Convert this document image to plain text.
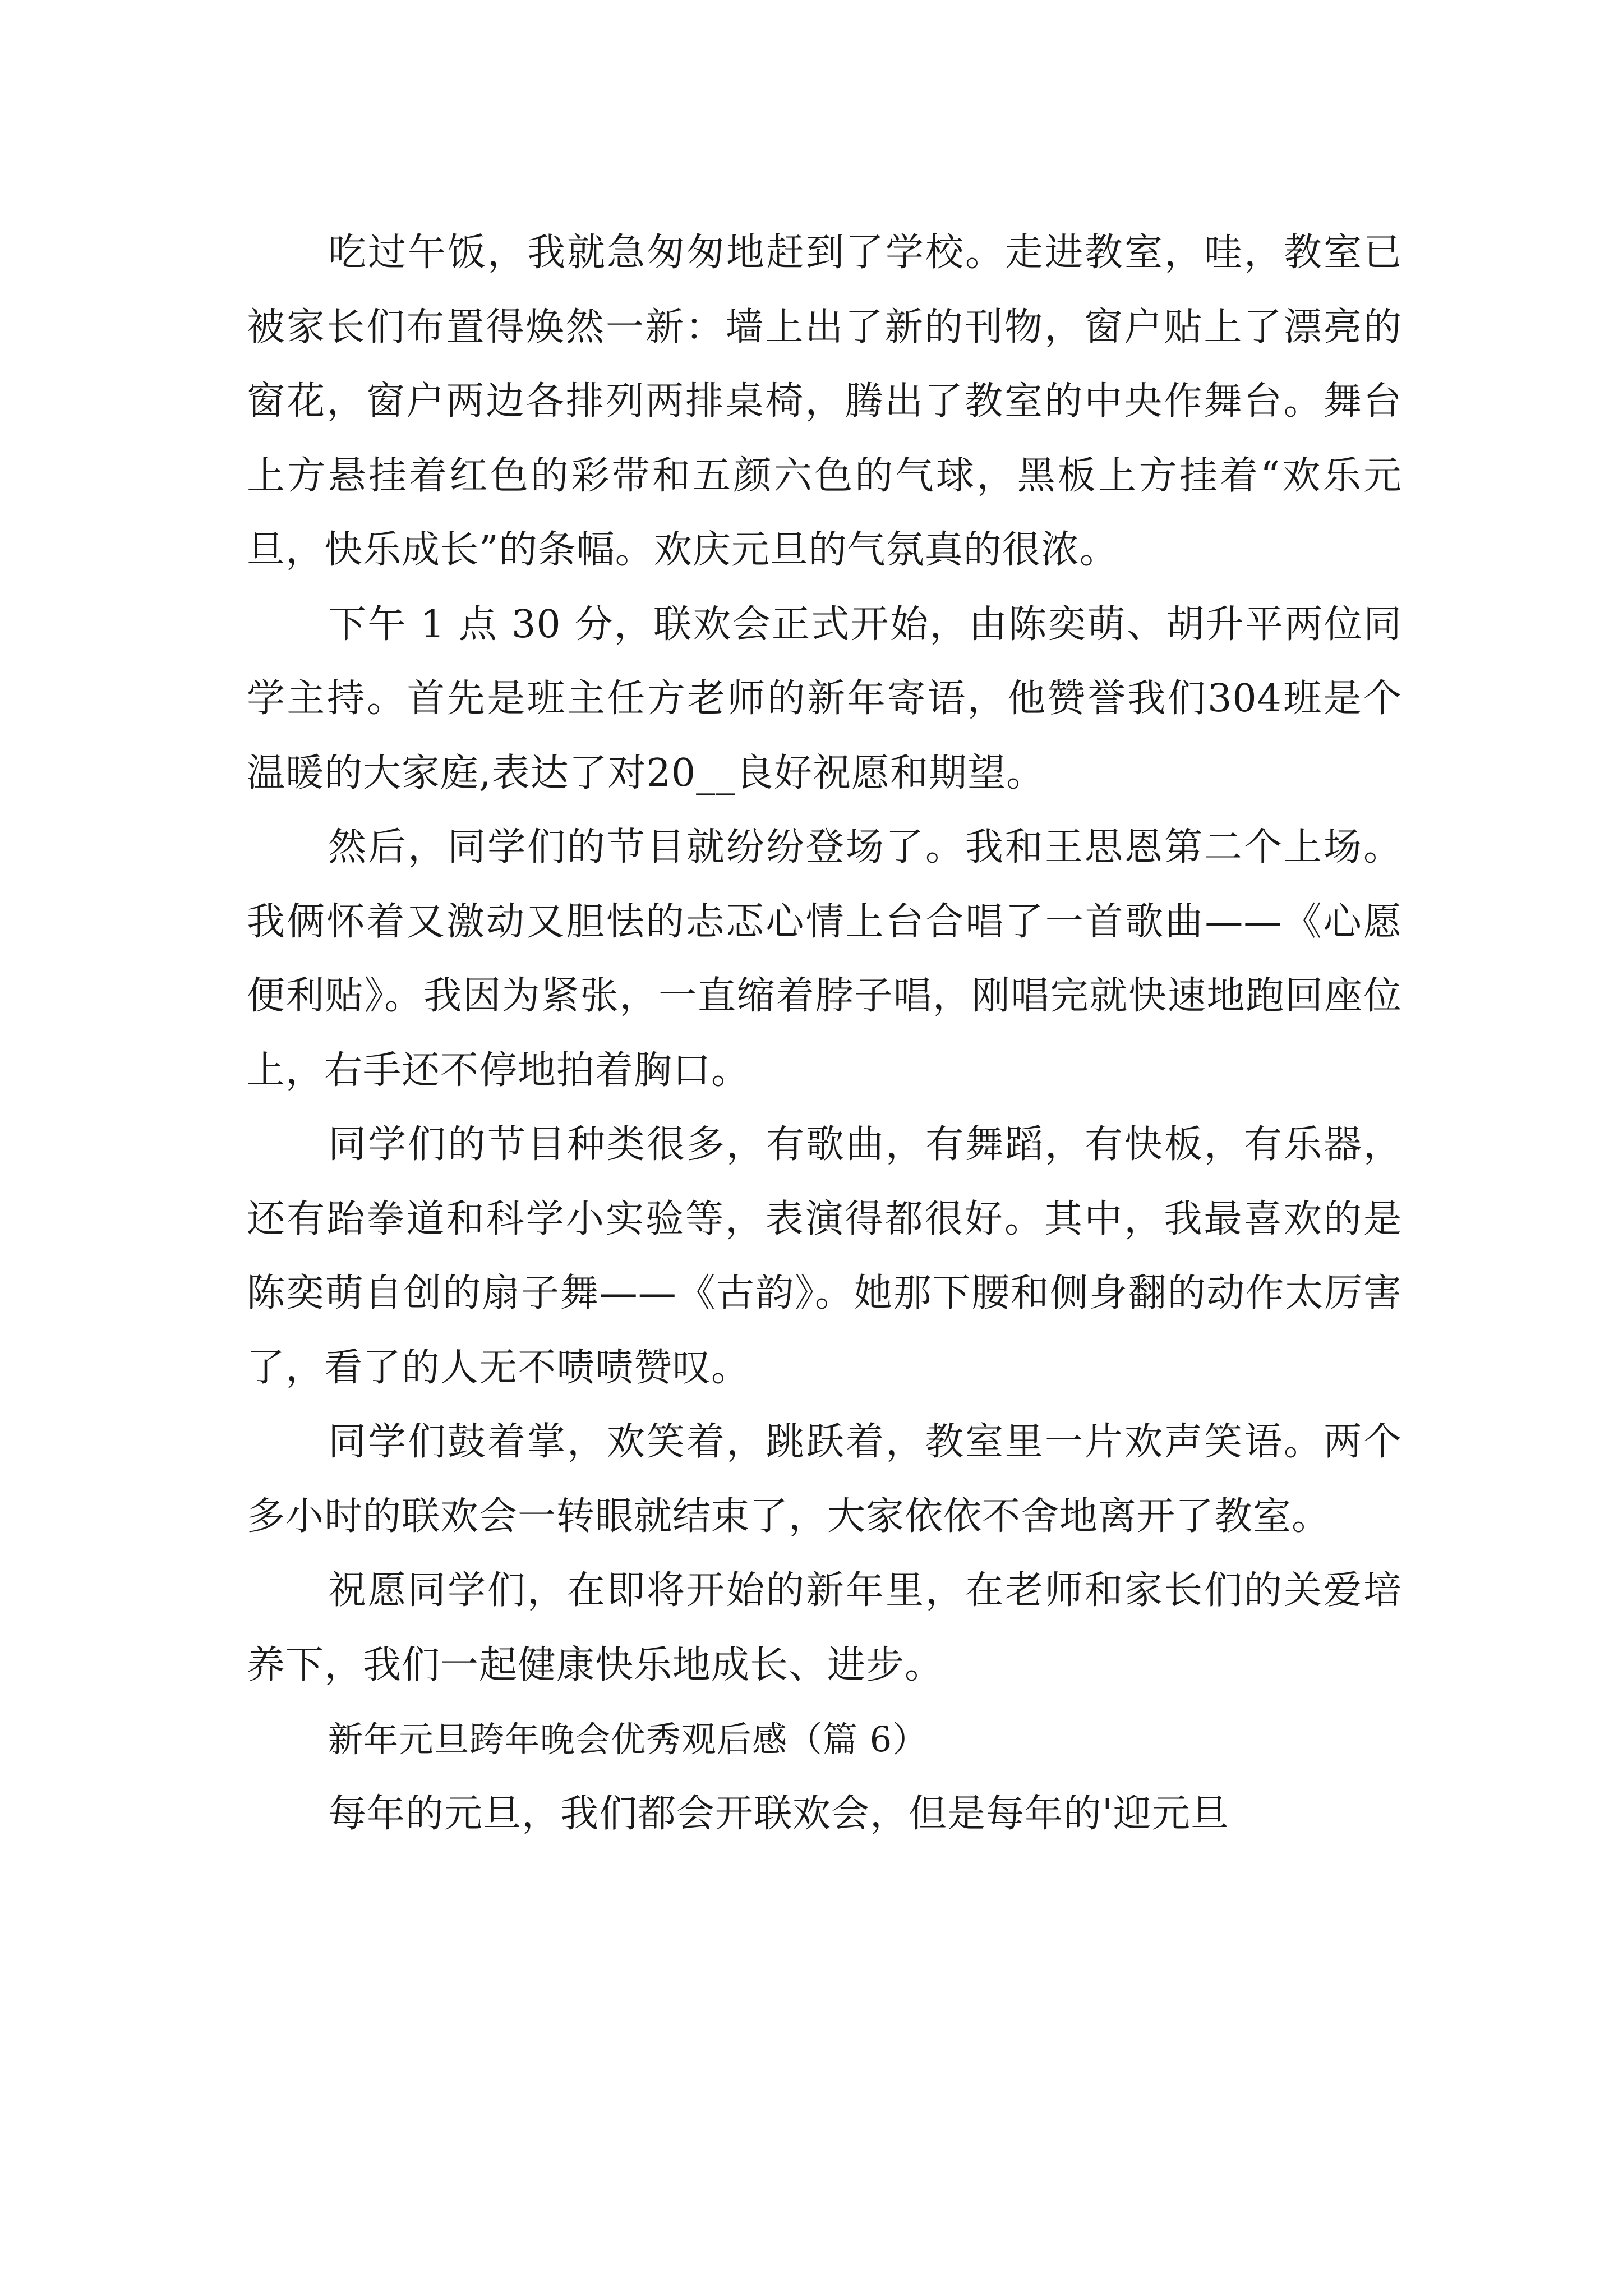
吃过午饭，我就急匆匆地赶到了学校。走进教室，哇，教室已被家长们布置得焕然一新：墙上出了新的刊物，窗户贴上了漂亮的窗花，窗户两边各排列两排桌椅，腾出了教室的中央作舞台。舞台上方悬挂着红色的彩带和五颜六色的气球，黑板上方挂着“欢乐元旦，快乐成长”的条幅。欢庆元旦的气氛真的很浓。

下午 1 点 30 分，联欢会正式开始，由陈奕萌、胡升平两位同学主持。首先是班主任方老师的新年寄语，他赞誉我们304班是个温暖的大家庭,表达了对20__良好祝愿和期望。

然后，同学们的节目就纷纷登场了。我和王思恩第二个上场。我俩怀着又激动又胆怯的忐忑心情上台合唱了一首歌曲——《心愿便利贴》。我因为紧张，一直缩着脖子唱，刚唱完就快速地跑回座位上，右手还不停地拍着胸口。

同学们的节目种类很多，有歌曲，有舞蹈，有快板，有乐器，还有跆拳道和科学小实验等，表演得都很好。其中，我最喜欢的是陈奕萌自创的扇子舞——《古韵》。她那下腰和侧身翻的动作太厉害了，看了的人无不啧啧赞叹。

同学们鼓着掌，欢笑着，跳跃着，教室里一片欢声笑语。两个多小时的联欢会一转眼就结束了，大家依依不舍地离开了教室。

祝愿同学们，在即将开始的新年里，在老师和家长们的关爱培养下，我们一起健康快乐地成长、进步。

新年元旦跨年晚会优秀观后感（篇 6）

每年的元旦，我们都会开联欢会，但是每年的'迎元旦
